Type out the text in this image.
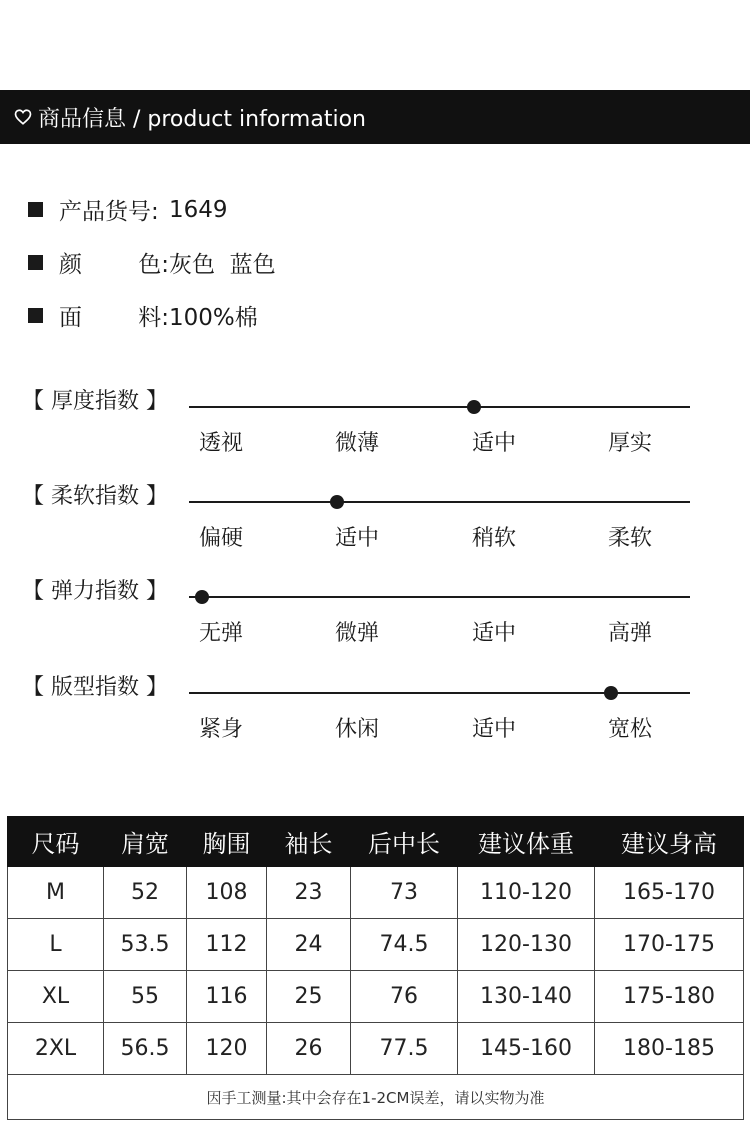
商品信息 / product information
产品货号: 1649
颜 色: 灰色  蓝色
面 料: 100%棉
【 厚度指数 】
透视	微薄	适中	厚实
【 柔软指数 】
偏硬	适中	稍软	柔软
【 弹力指数 】
无弹	微弹	适中	高弹
【 版型指数 】
紧身	休闲	适中	宽松
尺码	肩宽	胸围	袖长	后中长	建议体重	建议身高
M	52	108	23	73	110-120	165-170
L	53.5	112	24	74.5	120-130	170-175
XL	55	116	25	76	130-140	175-180
2XL	56.5	120	26	77.5	145-160	180-185
因手工测量:其中会存在1-2CM误差，请以实物为准						
